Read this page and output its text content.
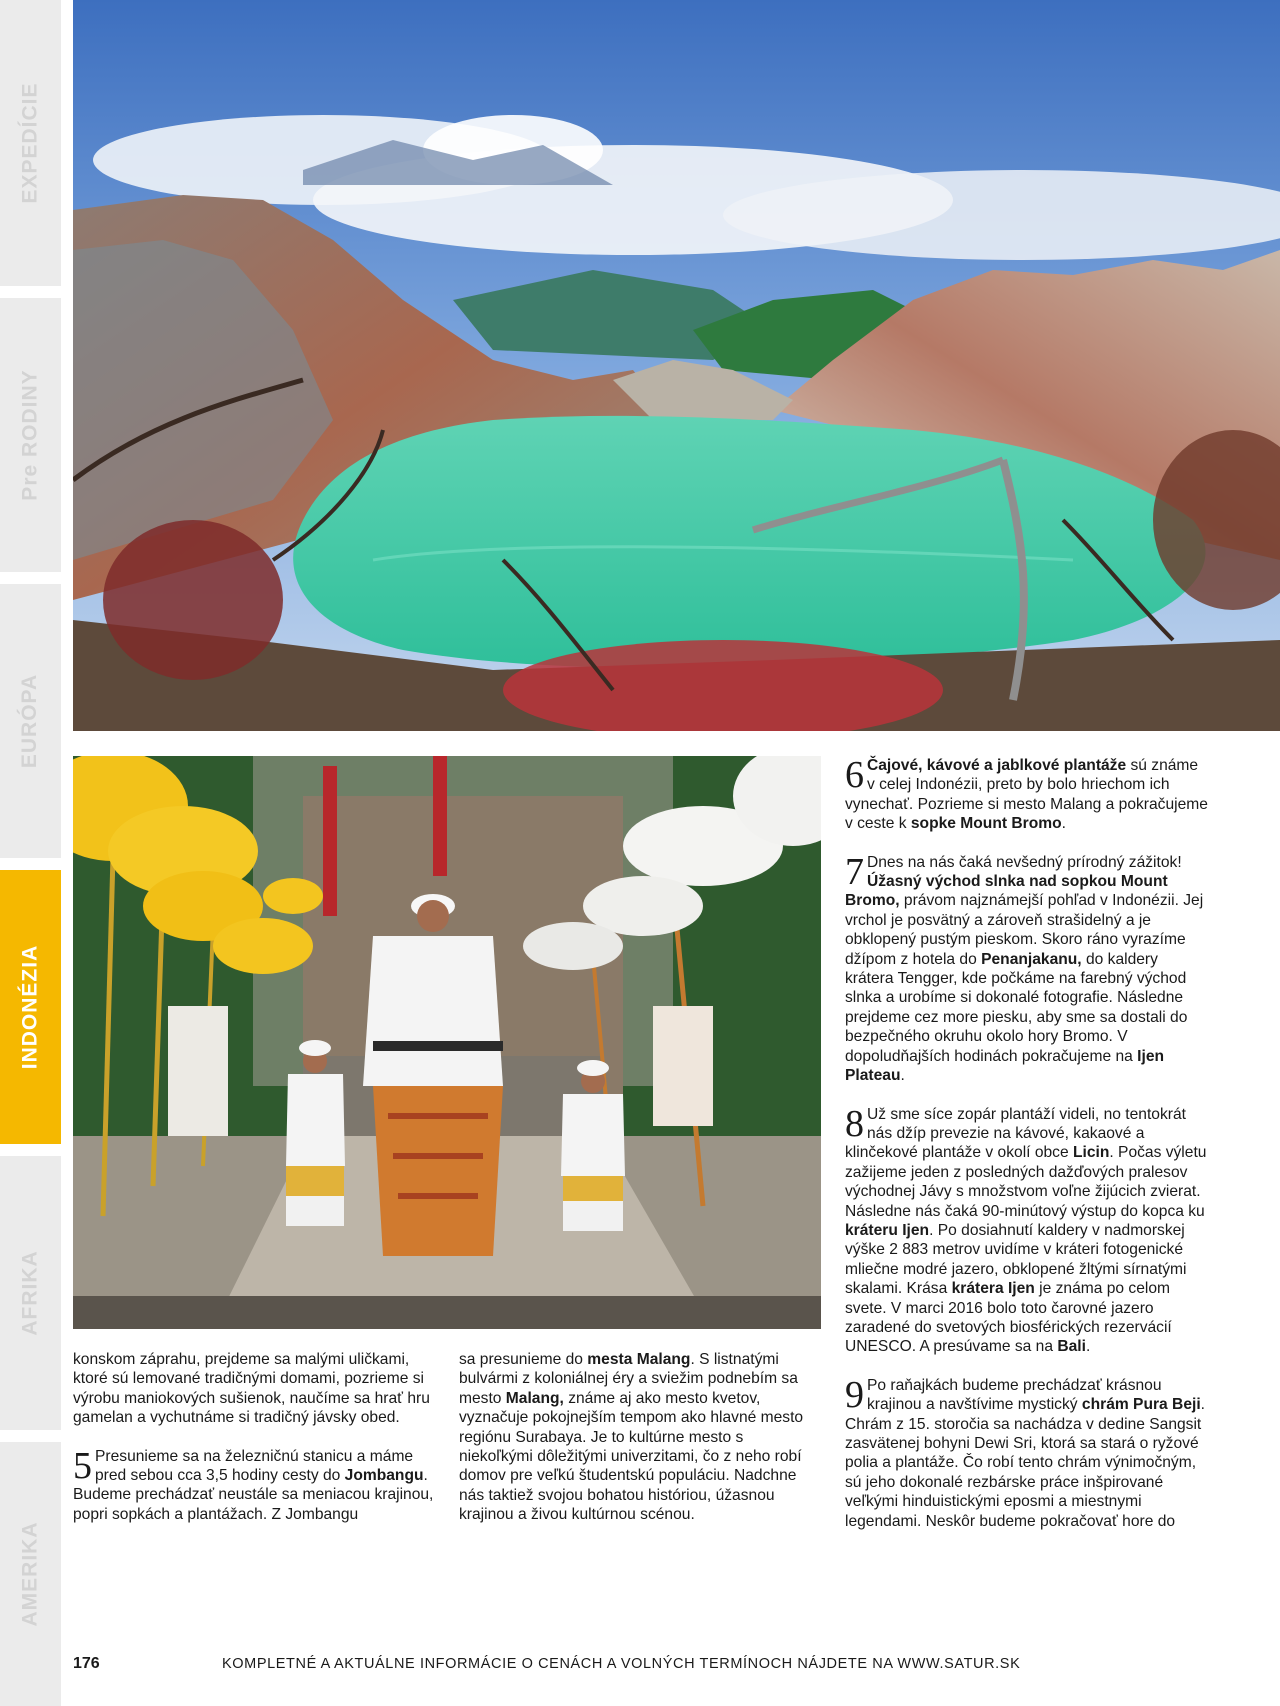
EXPEDÍCIE
Pre RODINY
EURÓPA
INDONÉZIA
AFRIKA
AMERIKA

konskom záprahu, prejdeme sa malými uličkami, ktoré sú lemované tradičnými domami, pozrieme si výrobu maniokových sušienok, naučíme sa hrať hru gamelan a vychutnáme si tradičný jávsky obed.

5 Presunieme sa na železničnú stanicu a máme pred sebou cca 3,5 hodiny cesty do Jombangu. Budeme prechádzať neustále sa meniacou krajinou, popri sopkách a plantážach. Z Jombangu

sa presunieme do mesta Malang. S listnatými bulvármi z koloniálnej éry a sviežim podnebím sa mesto Malang, známe aj ako mesto kvetov, vyznačuje pokojnejším tempom ako hlavné mesto regiónu Surabaya. Je to kultúrne mesto s niekoľkými dôležitými univerzitami, čo z neho robí domov pre veľkú študentskú populáciu. Nadchne nás taktiež svojou bohatou históriou, úžasnou krajinou a živou kultúrnou scénou.

6 Čajové, kávové a jablkové plantáže sú známe v celej Indonézii, preto by bolo hriechom ich vynechať. Pozrieme si mesto Malang a pokračujeme v ceste k sopke Mount Bromo.

7 Dnes na nás čaká nevšedný prírodný zážitok! Úžasný východ slnka nad sopkou Mount Bromo, právom najznámejší pohľad v Indonézii. Jej vrchol je posvätný a zároveň strašidelný a je obklopený pustým pieskom. Skoro ráno vyrazíme džípom z hotela do Penanjakanu, do kaldery krátera Tengger, kde počkáme na farebný východ slnka a urobíme si dokonalé fotografie. Následne prejdeme cez more piesku, aby sme sa dostali do bezpečného okruhu okolo hory Bromo. V dopoludňajších hodinách pokračujeme na Ijen Plateau.

8 Už sme síce zopár plantáží videli, no tentokrát nás džíp prevezie na kávové, kakaové a klinčekové plantáže v okolí obce Licin. Počas výletu zažijeme jeden z posledných dažďových pralesov východnej Jávy s množstvom voľne žijúcich zvierat. Následne nás čaká 90-minútový výstup do kopca ku kráteru Ijen. Po dosiahnutí kaldery v nadmorskej výške 2 883 metrov uvidíme v kráteri fotogenické mliečne modré jazero, obklopené žltými sírnatými skalami. Krása krátera Ijen je známa po celom svete. V marci 2016 bolo toto čarovné jazero zaradené do svetových biosférických rezervácií UNESCO. A presúvame sa na Bali.

9 Po raňajkách budeme prechádzať krásnou krajinou a navštívime mystický chrám Pura Beji. Chrám z 15. storočia sa nachádza v dedine Sangsit zasvätenej bohyni Dewi Sri, ktorá sa stará o ryžové polia a plantáže. Čo robí tento chrám výnimočným, sú jeho dokonalé rezbárske práce inšpirované veľkými hinduistickými eposmi a miestnymi legendami. Neskôr budeme pokračovať hore do

176	KOMPLETNÉ A AKTUÁLNE INFORMÁCIE O CENÁCH A VOLNÝCH TERMÍNOCH NÁJDETE NA WWW.SATUR.SK
